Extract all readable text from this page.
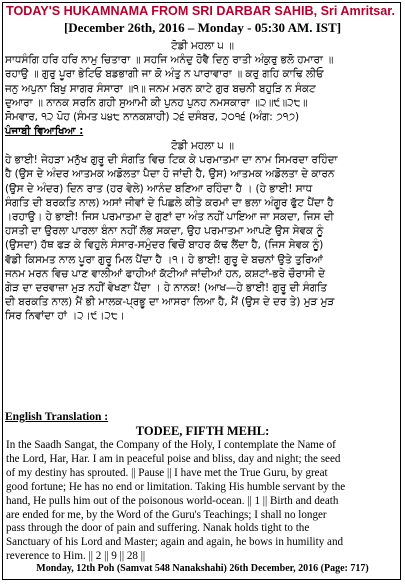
TODAY'S HUKAMNAMA FROM SRI DARBAR SAHIB, Sri Amritsar.
[December 26th, 2016 – Monday - 05:30 AM. IST]
ਟੋਡੀ ਮਹਲਾ ੫ ॥
ਸਾਧਸੰਗਿ ਹਰਿ ਹਰਿ ਨਾਮੁ ਚਿਤਾਰਾ ॥ ਸਹਜਿ ਅਨੰਦੁ ਹੋਵੈ ਦਿਨੁ ਰਾਤੀ ਅੰਕੁਰੁ ਭਲੋ ਹਮਾਰਾ ॥
ਰਹਾਉ ॥ ਗੁਰੁ ਪੂਰਾ ਭੇਟਿਓ ਬਡਭਾਗੀ ਜਾ ਕੋ ਅੰਤੁ ਨ ਪਾਰਾਵਾਰਾ ॥ ਕਰੁ ਗਹਿ ਕਾਢਿ ਲੀਓ
ਜਨੁ ਅਪੁਨਾ ਬਿਖੁ ਸਾਗਰ ਸੰਸਾਰਾ ॥੧॥ ਜਨਮ ਮਰਨ ਕਾਟੇ ਗੁਰ ਬਚਨੀ ਬਹੁੜਿ ਨ ਸੰਕਟ
ਦੁਆਰਾ ॥ ਨਾਨਕ ਸਰਨਿ ਗਹੀ ਸੁਆਮੀ ਕੀ ਪੁਨਹ ਪੁਨਹ ਨਮਸਕਾਰਾ ॥੨॥੯॥੨੮॥
ਸੋਮਵਾਰ, ੧੨ ਪੋਹ (ਸੰਮਤ ੫੪੮ ਨਾਨਕਸ਼ਾਹੀ) ੨੬ ਦਸੰਬਰ, ੨੦੧੬ (ਅੰਗ: ੭੧੭)
ਪੰਜਾਬੀ ਵਿਆਖਿਆ :
ਟੋਡੀ ਮਹਲਾ ੫ ॥
ਹੇ ਭਾਈ! ਜੇਹੜਾ ਮਨੁੱਖ ਗੁਰੂ ਦੀ ਸੰਗਤਿ ਵਿਚ ਟਿਕ ਕੇ ਪਰਮਾਤਮਾ ਦਾ ਨਾਮ ਸਿਮਰਦਾ ਰਹਿੰਦਾ
ਹੈ (ਉਸ ਦੇ ਅੰਦਰ ਆਤਮਕ ਅਡੋਲਤਾ ਪੈਦਾ ਹੋ ਜਾਂਦੀ ਹੈ, ਉਸ) ਆਤਮਕ ਅਡੋਲਤਾ ਦੇ ਕਾਰਨ
(ਉਸ ਦੇ ਅੰਦਰ) ਦਿਨ ਰਾਤ (ਹਰ ਵੇਲੇ) ਆਨੰਦ ਬਣਿਆ ਰਹਿੰਦਾ ਹੈ । (ਹੇ ਭਾਈ! ਸਾਧ
ਸੰਗਤਿ ਦੀ ਬਰਕਤਿ ਨਾਲ) ਅਸਾਂ ਜੀਵਾਂ ਦੇ ਪਿਛਲੇ ਕੀਤੇ ਕਰਮਾਂ ਦਾ ਭਲਾ ਅੰਗੂਰ ਫੁੱਟ ਪੈਂਦਾ ਹੈ
।ਰਹਾਉ। ਹੇ ਭਾਈ! ਜਿਸ ਪਰਮਾਤਮਾ ਦੇ ਗੁਣਾਂ ਦਾ ਅੰਤ ਨਹੀਂ ਪਾਇਆ ਜਾ ਸਕਦਾ, ਜਿਸ ਦੀ
ਹਸਤੀ ਦਾ ਉਰਲਾ ਪਾਰਲਾ ਬੰਨਾ ਨਹੀਂ ਲੱਭ ਸਕਦਾ, ਉਹ ਪਰਮਾਤਮਾ ਆਪਣੇ ਉਸ ਸੇਵਕ ਨੂੰ
(ਉਸਦਾ) ਹੱਥ ਫੜ ਕੇ ਵਿਹੁਲੇ ਸੰਸਾਰ-ਸਮੁੰਦਰ ਵਿਚੋਂ ਬਾਹਰ ਕੱਢ ਲੈਂਦਾ ਹੈ, (ਜਿਸ ਸੇਵਕ ਨੂੰ)
ਵੱਡੀ ਕਿਸਮਤ ਨਾਲ ਪੂਰਾ ਗੁਰੂ ਮਿਲ ਪੈਂਦਾ ਹੈ ।੧। ਹੇ ਭਾਈ! ਗੁਰੂ ਦੇ ਬਚਨਾਂ ਉਤੇ ਤੁਰਿਆਂ
ਜਨਮ ਮਰਨ ਵਿਚ ਪਾਣ ਵਾਲੀਆਂ ਫਾਹੀਆਂ ਕੱਟੀਆਂ ਜਾਂਦੀਆਂ ਹਨ, ਕਸ਼ਟਾਂ-ਭਰੇ ਚੌਰਾਸੀ ਦੇ
ਗੇੜ ਦਾ ਦਰਵਾਜ਼ਾ ਮੁੜ ਨਹੀਂ ਵੇਖਣਾ ਪੈਂਦਾ । ਹੇ ਨਾਨਕ! (ਆਖ—ਹੇ ਭਾਈ! ਗੁਰੂ ਦੀ ਸੰਗਤਿ
ਦੀ ਬਰਕਤਿ ਨਾਲ) ਮੈਂ ਭੀ ਮਾਲਕ-ਪ੍ਰਭੂ ਦਾ ਆਸਰਾ ਲਿਆ ਹੈ, ਮੈਂ (ਉਸ ਦੇ ਦਰ ਤੇ) ਮੁੜ ਮੁੜ
ਸਿਰ ਨਿਵਾਂਦਾ ਹਾਂ ।੨।੯।੨੮।
English Translation :
TODEE, FIFTH MEHL:
In the Saadh Sangat, the Company of the Holy, I contemplate the Name of
the Lord, Har, Har. I am in peaceful poise and bliss, day and night; the seed
of my destiny has sprouted. || Pause || I have met the True Guru, by great
good fortune; He has no end or limitation. Taking His humble servant by the
hand, He pulls him out of the poisonous world-ocean. || 1 || Birth and death
are ended for me, by the Word of the Guru's Teachings; I shall no longer
pass through the door of pain and suffering. Nanak holds tight to the
Sanctuary of his Lord and Master; again and again, he bows in humility and
reverence to Him. || 2 || 9 || 28 ||
Monday, 12th Poh (Samvat 548 Nanakshahi) 26th December, 2016 (Page: 717)
